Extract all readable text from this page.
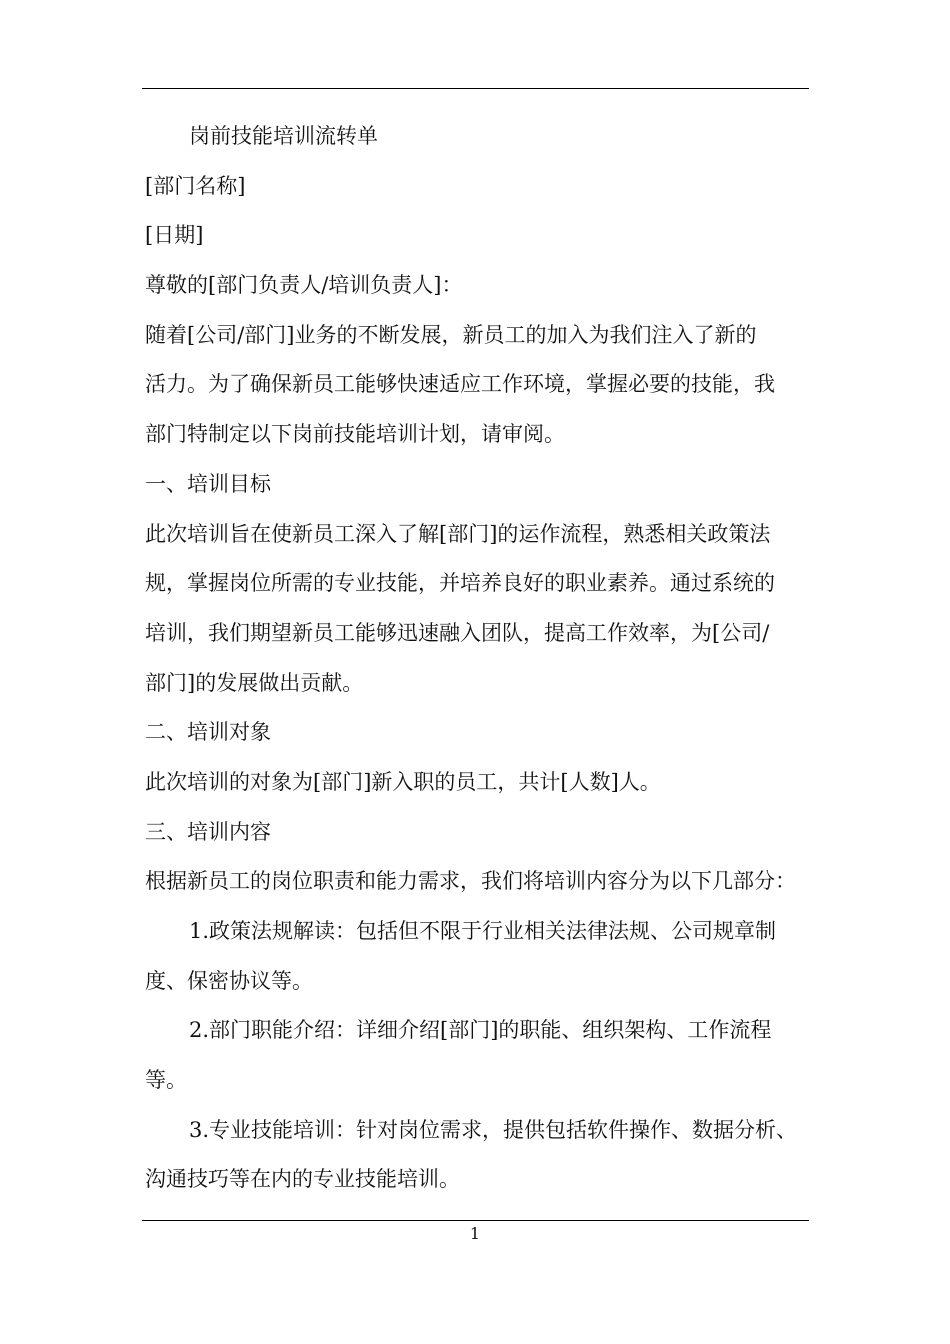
岗前技能培训流转单
[部门名称]
[日期]
尊敬的[部门负责人/培训负责人]：
随着[公司/部门]业务的不断发展，新员工的加入为我们注入了新的
活力。为了确保新员工能够快速适应工作环境，掌握必要的技能，我
部门特制定以下岗前技能培训计划，请审阅。
一、培训目标
此次培训旨在使新员工深入了解[部门]的运作流程，熟悉相关政策法
规，掌握岗位所需的专业技能，并培养良好的职业素养。通过系统的
培训，我们期望新员工能够迅速融入团队，提高工作效率，为[公司/
部门]的发展做出贡献。
二、培训对象
此次培训的对象为[部门]新入职的员工，共计[人数]人。
三、培训内容
根据新员工的岗位职责和能力需求，我们将培训内容分为以下几部分：
1.政策法规解读：包括但不限于行业相关法律法规、公司规章制
度、保密协议等。
2.部门职能介绍：详细介绍[部门]的职能、组织架构、工作流程
等。
3.专业技能培训：针对岗位需求，提供包括软件操作、数据分析、
沟通技巧等在内的专业技能培训。
1
